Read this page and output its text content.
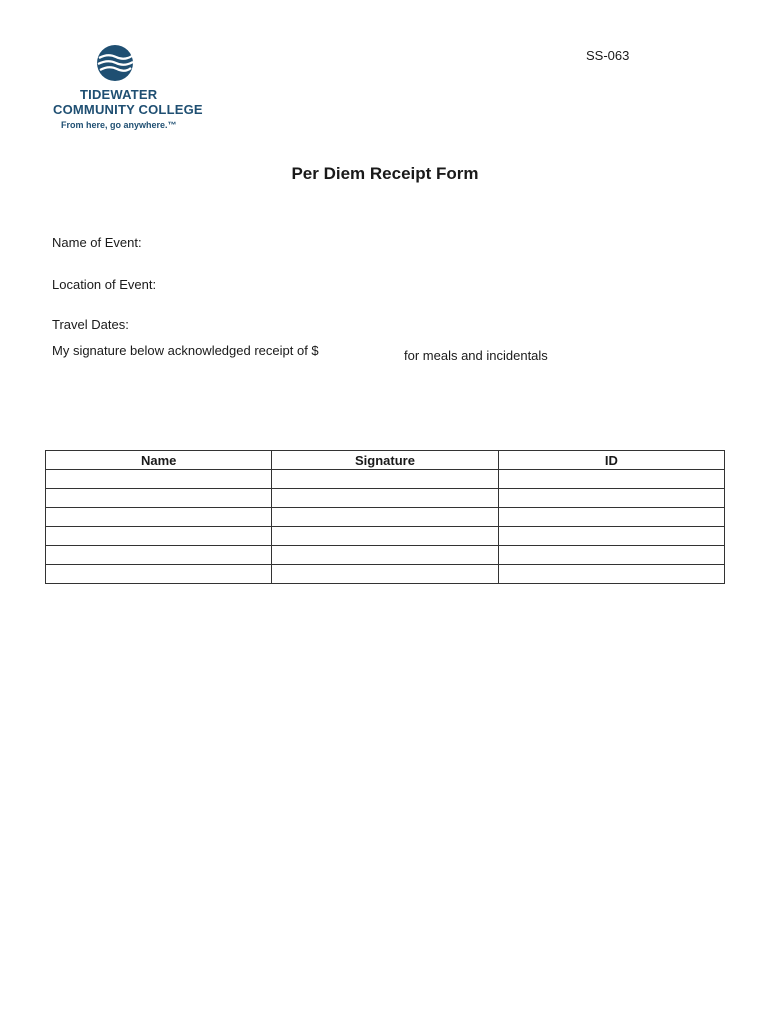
TIDEWATER
COMMUNITY COLLEGE
From here, go anywhere.™
SS-063
Per Diem Receipt Form
Name of Event:
Location of Event:
Travel Dates:
My signature below acknowledged receipt of $	for meals and incidentals
Name	Signature	ID
